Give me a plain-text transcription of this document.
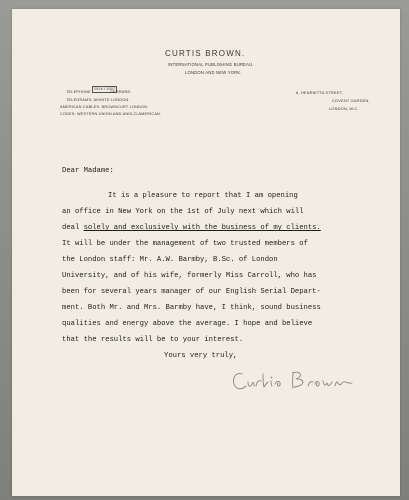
CURTIS BROWN.
INTERNATIONAL PUBLISHING BUREAU.
LONDON AND NEW YORK.
TELEPHONE
2918 / 3007
GERRARD.
TELEGRAMS: AKINITE LONDON.
AMERICAN CABLES: BROWNCURT LONDON.
CODES: WESTERN UNION AND ANGLO-AMERICAN.
6, HENRIETTA STREET,
COVENT GARDEN,
LONDON, W.C.
Dear Madame:
It is a pleasure to report that I am opening
an office in New York on the 1st of July next which will
deal solely and exclusively with the business of my clients.
It will be under the management of two trusted members of
the London staff: Mr. A.W. Barmby, B.Sc. of London
University, and of his wife, formerly Miss Carroll, who has
been for several years manager of our English Serial Depart-
ment. Both Mr. and Mrs. Barmby have, I think, sound business
qualities and energy above the average. I hope and believe
that the results will be to your interest.
Yours very truly,
